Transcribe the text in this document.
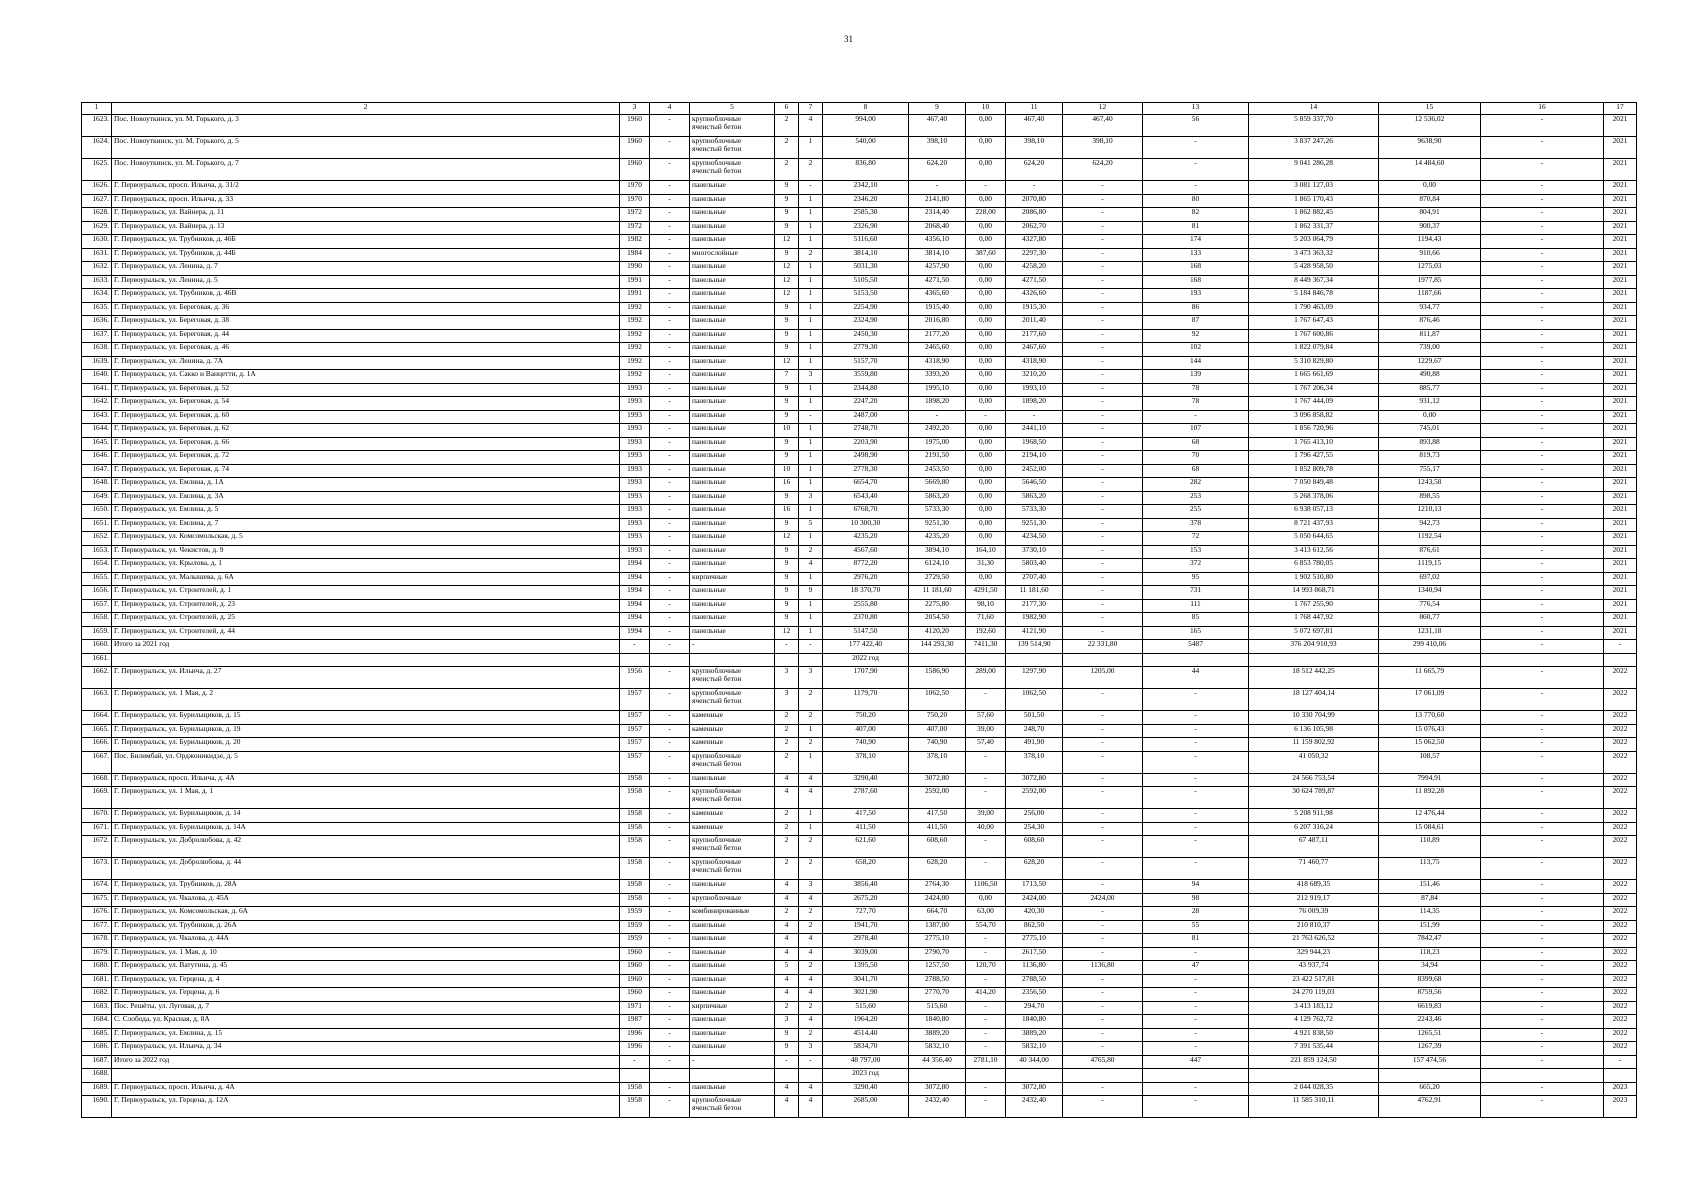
31
1	2	3	4	5	6	7	8	9	10	11	12	13	14	15	16	17
1623.	Пос. Новоуткинск, ул. М. Горького, д. 3	1960	-	крупноблочные ячеистый бетон	2	4	994,00	467,40	0,00	467,40	467,40	56	5 859 337,70	12 536,02	-	2021
1624.	Пос. Новоуткинск, ул. М. Горького, д. 5	1960	-	крупноблочные ячеистый бетон	2	1	540,00	398,10	0,00	398,10	398,10	-	3 837 247,26	9638,90	-	2021
1625.	Пос. Новоуткинск, ул. М. Горького, д. 7	1960	-	крупноблочные ячеистый бетон	2	2	836,80	624,20	0,00	624,20	624,20	-	9 041 286,28	14 484,60	-	2021
1626.	Г. Первоуральск, просп. Ильича, д. 31/2	1970	-	панельные	9	-	2342,10	-	-	-	-	-	3 081 127,03	0,00	-	2021
1627.	Г. Первоуральск, просп. Ильича, д. 33	1970	-	панельные	9	1	2346,20	2141,80	0,00	2070,80	-	80	1 865 170,43	870,84	-	2021
1628.	Г. Первоуральск, ул. Вайнера, д. 11	1972	-	панельные	9	1	2585,30	2314,40	228,00	2086,80	-	82	1 862 882,45	804,91	-	2021
1629.	Г. Первоуральск, ул. Вайнера, д. 13	1972	-	панельные	9	1	2326,90	2068,40	0,00	2062,70	-	81	1 862 331,37	900,37	-	2021
1630.	Г. Первоуральск, ул. Трубников, д. 46Б	1982	-	панельные	12	1	5116,60	4356,10	0,00	4327,80	-	174	5 203 064,79	1194,43	-	2021
1631.	Г. Первоуральск, ул. Трубников, д. 44Б	1984	-	многослойные	9	2	3814,10	3814,10	387,60	2297,30	-	133	3 473 363,32	910,66	-	2021
1632.	Г. Первоуральск, ул. Ленина, д. 7	1990	-	панельные	12	1	5031,30	4257,90	0,00	4258,20	-	168	5 428 958,50	1275,03	-	2021
1633.	Г. Первоуральск, ул. Ленина, д. 5	1991	-	панельные	12	1	5105,50	4271,50	0,00	4271,50	-	168	8 449 367,34	1977,85	-	2021
1634.	Г. Первоуральск, ул. Трубников, д. 46В	1991	-	панельные	12	1	5153,50	4365,60	0,00	4326,60	-	193	5 184 846,78	1187,66	-	2021
1635.	Г. Первоуральск, ул. Береговая, д. 36	1992	-	панельные	9	1	2254,90	1915,40	0,00	1915,30	-	86	1 790 463,09	934,77	-	2021
1636.	Г. Первоуральск, ул. Береговая, д. 38	1992	-	панельные	9	1	2324,90	2016,80	0,00	2011,40	-	87	1 767 647,43	876,46	-	2021
1637.	Г. Первоуральск, ул. Береговая, д. 44	1992	-	панельные	9	1	2450,30	2177,20	0,00	2177,60	-	92	1 767 600,86	811,87	-	2021
1638.	Г. Первоуральск, ул. Береговая, д. 46	1992	-	панельные	9	1	2779,30	2465,60	0,00	2467,60	-	102	1 822 079,84	739,00	-	2021
1639.	Г. Первоуральск, ул. Ленина, д. 7А	1992	-	панельные	12	1	5157,70	4318,90	0,00	4318,90	-	144	5 310 829,80	1229,67	-	2021
1640.	Г. Первоуральск, ул. Сакко и Ванцетти, д. 1А	1992	-	панельные	7	3	3559,80	3393,20	0,00	3210,20	-	139	1 665 661,69	490,88	-	2021
1641.	Г. Первоуральск, ул. Береговая, д. 52	1993	-	панельные	9	1	2344,80	1995,10	0,00	1993,10	-	78	1 767 206,34	885,77	-	2021
1642.	Г. Первоуральск, ул. Береговая, д. 54	1993	-	панельные	9	1	2247,20	1898,20	0,00	1898,20	-	78	1 767 444,09	931,12	-	2021
1643.	Г. Первоуральск, ул. Береговая, д. 60	1993	-	панельные	9	-	2487,00	-	-	-	-	-	3 096 858,82	0,00	-	2021
1644.	Г. Первоуральск, ул. Береговая, д. 62	1993	-	панельные	10	1	2748,70	2492,20	0,00	2441,10	-	107	1 856 720,96	745,01	-	2021
1645.	Г. Первоуральск, ул. Береговая, д. 66	1993	-	панельные	9	1	2203,90	1975,00	0,00	1968,50	-	68	1 765 413,10	893,88	-	2021
1646.	Г. Первоуральск, ул. Береговая, д. 72	1993	-	панельные	9	1	2498,90	2191,50	0,00	2194,10	-	70	1 796 427,55	819,73	-	2021
1647.	Г. Первоуральск, ул. Береговая, д. 74	1993	-	панельные	10	1	2778,30	2453,50	0,00	2452,00	-	68	1 852 809,78	755,17	-	2021
1648.	Г. Первоуральск, ул. Емлина, д. 1А	1993	-	панельные	16	1	6654,70	5669,80	0,00	5646,50	-	282	7 050 849,48	1243,58	-	2021
1649.	Г. Первоуральск, ул. Емлина, д. 3А	1993	-	панельные	9	3	6543,40	5863,20	0,00	5863,20	-	253	5 268 378,06	898,55	-	2021
1650.	Г. Первоуральск, ул. Емлина, д. 5	1993	-	панельные	16	1	6768,70	5733,30	0,00	5733,30	-	255	6 938 057,13	1210,13	-	2021
1651.	Г. Первоуральск, ул. Емлина, д. 7	1993	-	панельные	9	5	10 300,30	9251,30	0,00	9251,30	-	378	8 721 437,93	942,73	-	2021
1652.	Г. Первоуральск, ул. Комсомольская, д. 5	1993	-	панельные	12	1	4235,20	4235,20	0,00	4234,50	-	72	5 050 644,65	1192,54	-	2021
1653.	Г. Первоуральск, ул. Чекистов, д. 9	1993	-	панельные	9	2	4567,60	3894,10	164,10	3730,10	-	153	3 413 612,56	876,61	-	2021
1654.	Г. Первоуральск, ул. Крылова, д. 1	1994	-	панельные	9	4	8772,20	6124,10	31,30	5803,40	-	372	6 853 780,05	1119,15	-	2021
1655.	Г. Первоуральск, ул. Малышева, д. 6А	1994	-	кирпичные	9	1	2976,20	2729,50	0,00	2707,40	-	95	1 902 510,80	697,02	-	2021
1656.	Г. Первоуральск, ул. Строителей, д. 1	1994	-	панельные	9	9	18 370,70	11 181,60	4291,50	11 181,60	-	731	14 993 868,71	1340,94	-	2021
1657.	Г. Первоуральск, ул. Строителей, д. 23	1994	-	панельные	9	1	2555,80	2275,80	98,10	2177,30	-	111	1 767 255,90	776,54	-	2021
1658.	Г. Первоуральск, ул. Строителей, д. 25	1994	-	панельные	9	1	2370,80	2054,50	71,60	1982,90	-	85	1 768 447,92	860,77	-	2021
1659.	Г. Первоуральск, ул. Строителей, д. 44	1994	-	панельные	12	1	5147,50	4120,20	192,60	4121,90	-	165	5 072 697,81	1231,18	-	2021
1660.	Итого за 2021 год	-	-	-	-	-	177 422,40	144 293,30	7411,30	139 514,90	22 331,80	5487	376 204 910,93	299 410,06	-	-
1661.							2022 год									
1662.	Г. Первоуральск, ул. Ильича, д. 27	1956	-	крупноблочные ячеистый бетон	3	3	1707,90	1586,90	289,00	1297,90	1205,00	44	18 512 442,25	11 665,79	-	2022
1663.	Г. Первоуральск, ул. 1 Мая, д. 2	1957	-	крупноблочные ячеистый бетон	3	2	1179,70	1062,50	-	1062,50	-	-	18 127 404,14	17 061,09	-	2022
1664.	Г. Первоуральск, ул. Бурильщиков, д. 15	1957	-	каменные	2	2	750,20	750,20	57,60	501,50	-	-	10 330 704,99	13 770,60	-	2022
1665.	Г. Первоуральск, ул. Бурильщиков, д. 19	1957	-	каменные	2	1	407,00	407,00	39,00	248,70	-	-	6 136 105,98	15 076,43	-	2022
1666.	Г. Первоуральск, ул. Бурильщиков, д. 20	1957	-	каменные	2	2	740,90	740,90	57,40	491,90	-	-	11 159 802,92	15 062,50	-	2022
1667.	Пос. Билимбай, ул. Орджоникидзе, д. 5	1957	-	крупноблочные ячеистый бетон	2	1	378,10	378,10	-	378,10	-	-	41 050,32	108,57	-	2022
1668.	Г. Первоуральск, просп. Ильича, д. 4А	1958	-	панельные	4	4	3290,40	3072,80	-	3072,80	-	-	24 566 753,54	7994,91	-	2022
1669.	Г. Первоуральск, ул. 1 Мая, д. 1	1958	-	крупноблочные ячеистый бетон	4	4	2787,60	2592,00	-	2592,00	-	-	30 624 789,87	11 892,28	-	2022
1670.	Г. Первоуральск, ул. Бурильщиков, д. 14	1958	-	каменные	2	1	417,50	417,50	39,00	256,00	-	-	5 208 911,98	12 476,44	-	2022
1671.	Г. Первоуральск, ул. Бурильщиков, д. 14А	1958	-	каменные	2	1	411,50	411,50	40,00	254,30	-	-	6 207 316,24	15 084,61	-	2022
1672.	Г. Первоуральск, ул. Добролюбова, д. 42	1958	-	крупноблочные ячеистый бетон	2	2	621,60	608,60	-	608,60	-	-	67 487,11	110,89	-	2022
1673.	Г. Первоуральск, ул. Добролюбова, д. 44	1958	-	крупноблочные ячеистый бетон	2	2	658,20	628,20	-	628,20	-	-	71 460,77	113,75	-	2022
1674.	Г. Первоуральск, ул. Трубников, д. 28А	1958	-	панельные	4	3	3856,40	2764,30	1106,50	1713,50	-	94	418 689,35	151,46	-	2022
1675.	Г. Первоуральск, ул. Чкалова, д. 45А	1958	-	крупноблочные	4	4	2675,20	2424,00	0,00	2424,00	2424,00	98	212 919,17	87,84	-	2022
1676.	Г. Первоуральск, ул. Комсомольская, д. 6А	1959	-	комбинированные	2	2	727,70	664,70	63,00	420,30	-	28	76 009,39	114,35	-	2022
1677.	Г. Первоуральск, ул. Трубников, д. 26А	1959	-	панельные	4	2	1941,70	1387,00	554,70	862,50	-	55	210 810,37	151,99	-	2022
1678.	Г. Первоуральск, ул. Чкалова, д. 44А	1959	-	панельные	4	4	2978,40	2775,10	-	2775,10	-	81	21 763 626,52	7842,47	-	2022
1679.	Г. Первоуральск, ул. 1 Мая, д. 10	1960	-	панельные	4	4	3039,00	2790,70	-	2617,50	-	-	329 944,23	118,23	-	2022
1680.	Г. Первоуральск, ул. Ватутина, д. 45	1960	-	панельные	5	2	1395,50	1257,50	120,70	1136,80	1136,80	47	43 937,74	34,94	-	2022
1681.	Г. Первоуральск, ул. Герцена, д. 4	1960	-	панельные	4	4	3041,70	2788,50	-	2788,50	-	-	23 422 517,81	8399,68	-	2022
1682.	Г. Первоуральск, ул. Герцена, д. 6	1960	-	панельные	4	4	3021,90	2770,70	414,20	2356,50	-	-	24 270 119,03	8759,56	-	2022
1683.	Пос. Решёты, ул. Луговая, д. 7	1971	-	кирпичные	2	2	515,60	515,60	-	294,70	-	-	3 413 183,12	6619,83	-	2022
1684.	С. Слобода, ул. Красная, д. 8А	1987	-	панельные	3	4	1964,20	1840,80	-	1840,80	-	-	4 129 762,72	2243,46	-	2022
1685.	Г. Первоуральск, ул. Емлина, д. 15	1996	-	панельные	9	2	4514,40	3889,20	-	3889,20	-	-	4 921 838,50	1265,51	-	2022
1686.	Г. Первоуральск, ул. Ильича, д. 34	1996	-	панельные	9	3	5834,70	5832,10	-	5832,10	-	-	7 391 535,44	1267,39	-	2022
1687.	Итого за 2022 год	-	-	-	-	-	48 797,00	44 356,40	2781,10	40 344,00	4765,80	447	221 859 124,50	157 474,56	-	-
1688.							2023 год									
1689.	Г. Первоуральск, просп. Ильича, д. 4А	1958	-	панельные	4	4	3290,40	3072,80	-	3072,80	-	-	2 044 028,35	665,20	-	2023
1690.	Г. Первоуральск, ул. Герцена, д. 12А	1958	-	крупноблочные ячеистый бетон	4	4	2685,00	2432,40	-	2432,40	-	-	11 585 310,11	4762,91	-	2023
